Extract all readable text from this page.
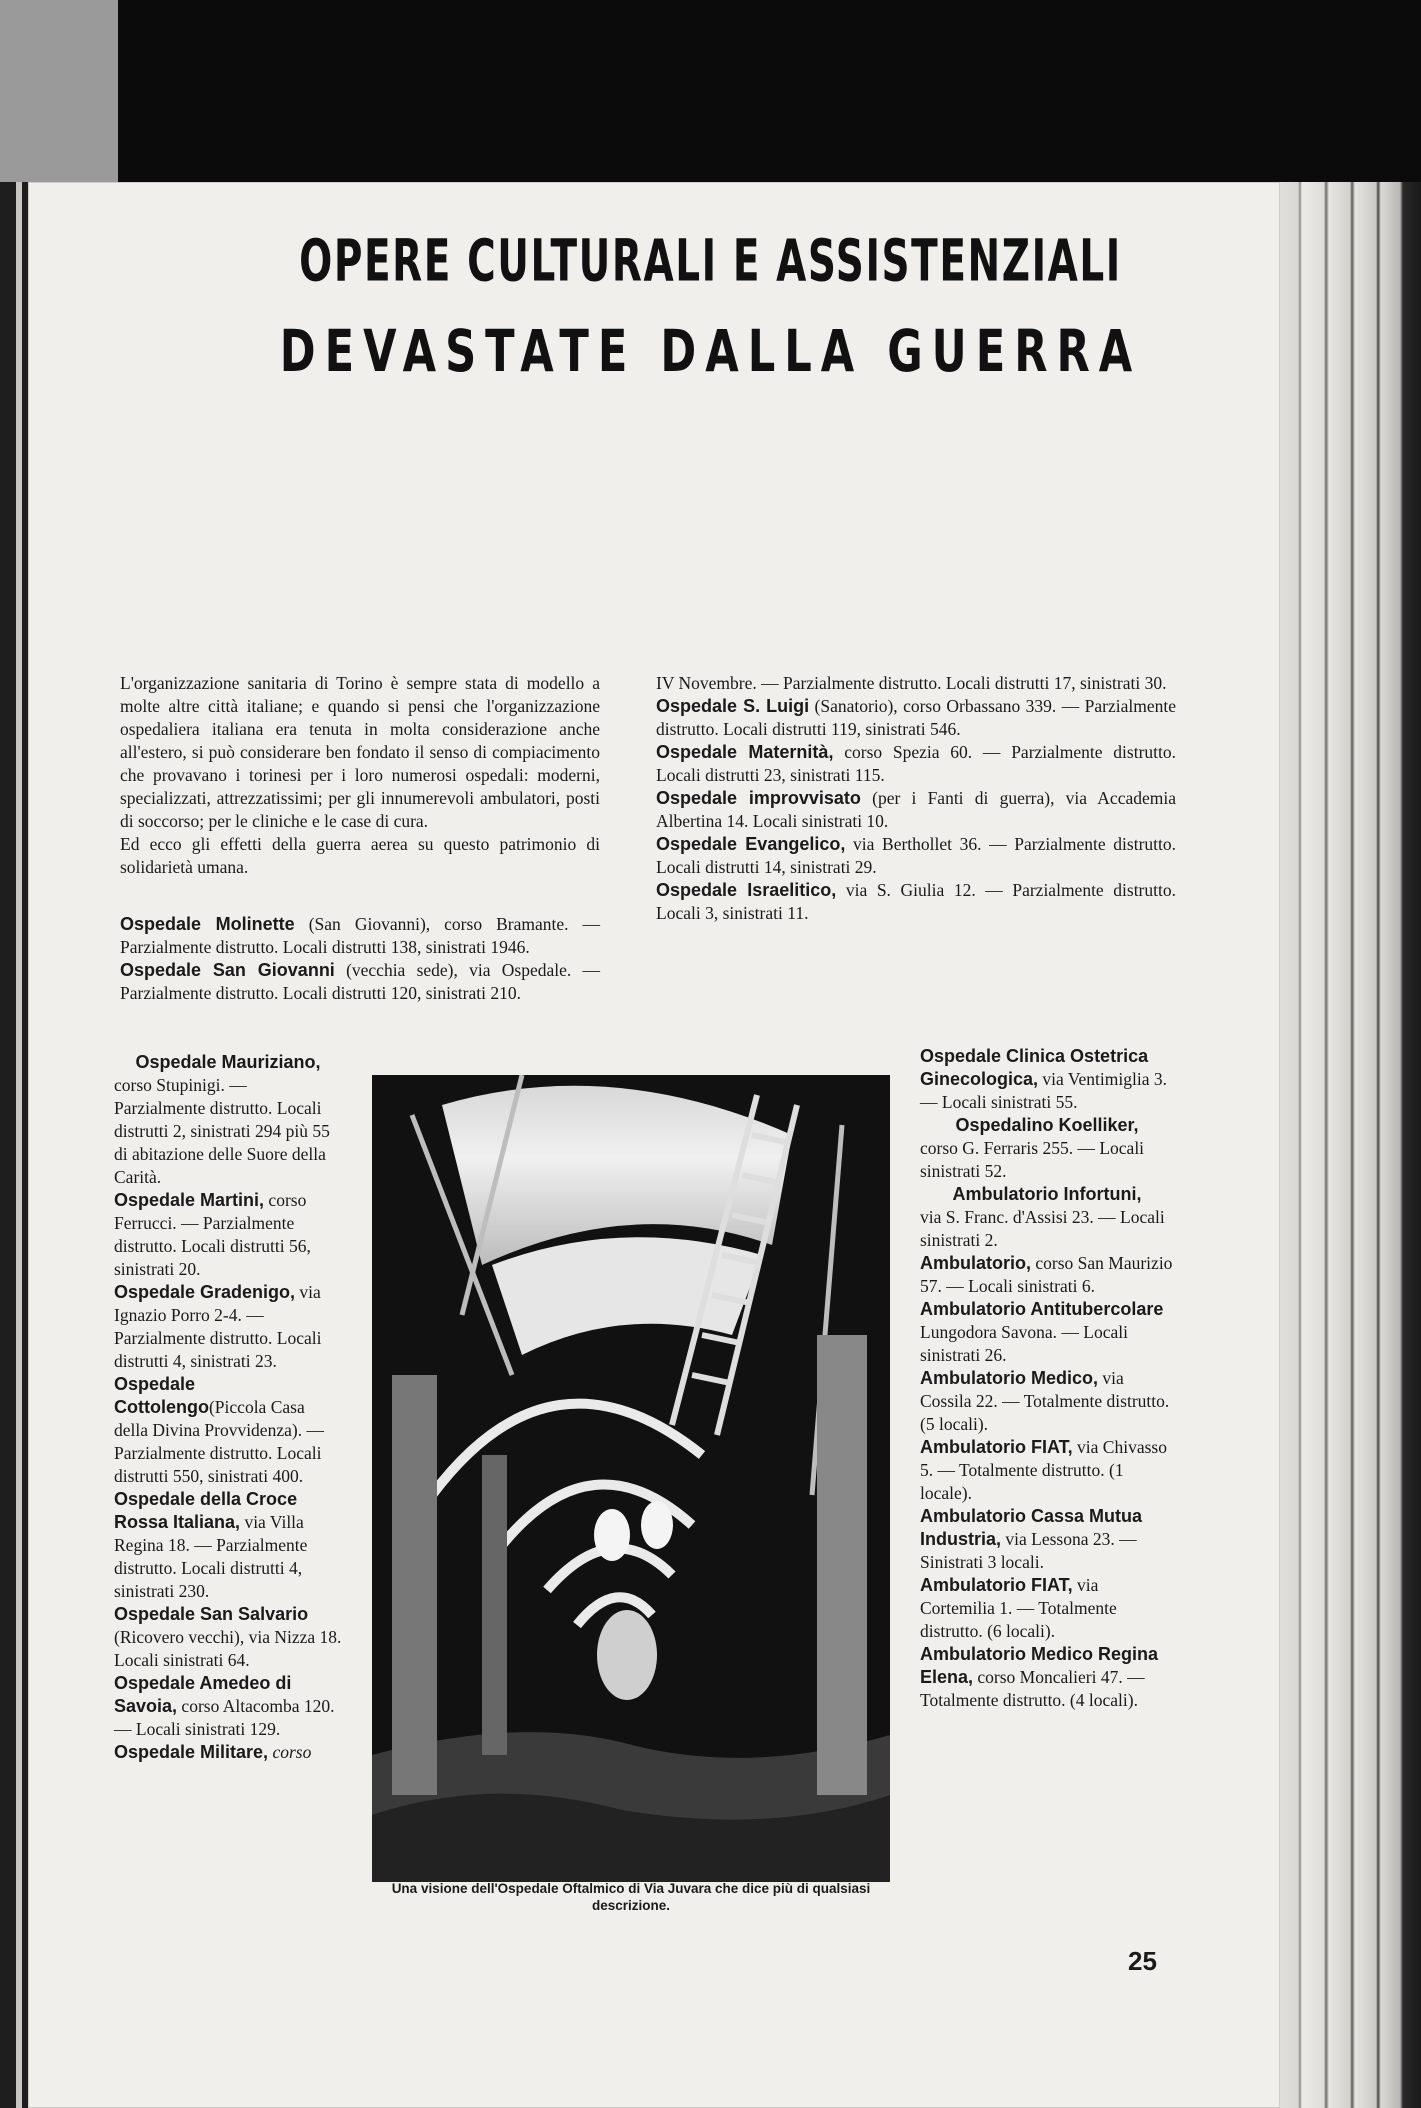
OPERE CULTURALI E ASSISTENZIALI
DEVASTATE DALLA GUERRA

L'organizzazione sanitaria di Torino è sempre stata di modello a molte altre città italiane; e quando si pensi che l'organizzazione ospedaliera italiana era tenuta in molta considerazione anche all'estero, si può considerare ben fondato il senso di compiacimento che provavano i torinesi per i loro numerosi ospedali: moderni, specializzati, attrezzatissimi; per gli innumerevoli ambulatori, posti di soccorso; per le cliniche e le case di cura.

Ed ecco gli effetti della guerra aerea su questo patrimonio di solidarietà umana.

Ospedale Molinette (San Giovanni), corso Bramante. — Parzialmente distrutto. Locali distrutti 138, sinistrati 1946.

Ospedale San Giovanni (vecchia sede), via Ospedale. — Parzialmente distrutto. Locali distrutti 120, sinistrati 210.

IV Novembre. — Parzialmente distrutto. Locali distrutti 17, sinistrati 30.

Ospedale S. Luigi (Sanatorio), corso Orbassano 339. — Parzialmente distrutto. Locali distrutti 119, sinistrati 546.

Ospedale Maternità, corso Spezia 60. — Parzialmente distrutto. Locali distrutti 23, sinistrati 115.

Ospedale improvvisato (per i Fanti di guerra), via Accademia Albertina 14. Locali sinistrati 10.

Ospedale Evangelico, via Berthollet 36. — Parzialmente distrutto. Locali distrutti 14, sinistrati 29.

Ospedale Israelitico, via S. Giulia 12. — Parzialmente distrutto. Locali 3, sinistrati 11.

Ospedale Mauriziano,
corso Stupinigi. — Parzialmente distrutto. Locali distrutti 2, sinistrati 294 più 55 di abitazione delle Suore della Carità.

Ospedale Martini, corso Ferrucci. — Parzialmente distrutto. Locali distrutti 56, sinistrati 20.

Ospedale Gradenigo, via Ignazio Porro 2-4. — Parzialmente distrutto. Locali distrutti 4, sinistrati 23.

Ospedale Cottolengo(Piccola Casa della Divina Provvidenza). — Parzialmente distrutto. Locali distrutti 550, sinistrati 400.

Ospedale della Croce Rossa Italiana, via Villa Regina 18. — Parzialmente distrutto. Locali distrutti 4, sinistrati 230.

Ospedale San Salvario (Ricovero vecchi), via Nizza 18. Locali sinistrati 64.

Ospedale Amedeo di Savoia, corso Altacomba 120. — Locali sinistrati 129.

Ospedale Militare, corso

Una visione dell'Ospedale Oftalmico di Via Juvara che dice più di qualsiasi descrizione.

Ospedale Clinica Ostetrica Ginecologica, via Ventimiglia 3. — Locali sinistrati 55.

Ospedalino Koelliker,
corso G. Ferraris 255. — Locali sinistrati 52.

Ambulatorio Infortuni,
via S. Franc. d'Assisi 23. — Locali sinistrati 2.

Ambulatorio, corso San Maurizio 57. — Locali sinistrati 6.

Ambulatorio Antitubercolare Lungodora Savona. — Locali sinistrati 26.

Ambulatorio Medico, via Cossila 22. — Totalmente distrutto. (5 locali).

Ambulatorio FIAT, via Chivasso 5. — Totalmente distrutto. (1 locale).

Ambulatorio Cassa Mutua Industria, via Lessona 23. — Sinistrati 3 locali.

Ambulatorio FIAT, via Cortemilia 1. — Totalmente distrutto. (6 locali).

Ambulatorio Medico Regina Elena, corso Moncalieri 47. — Totalmente distrutto. (4 locali).

25
